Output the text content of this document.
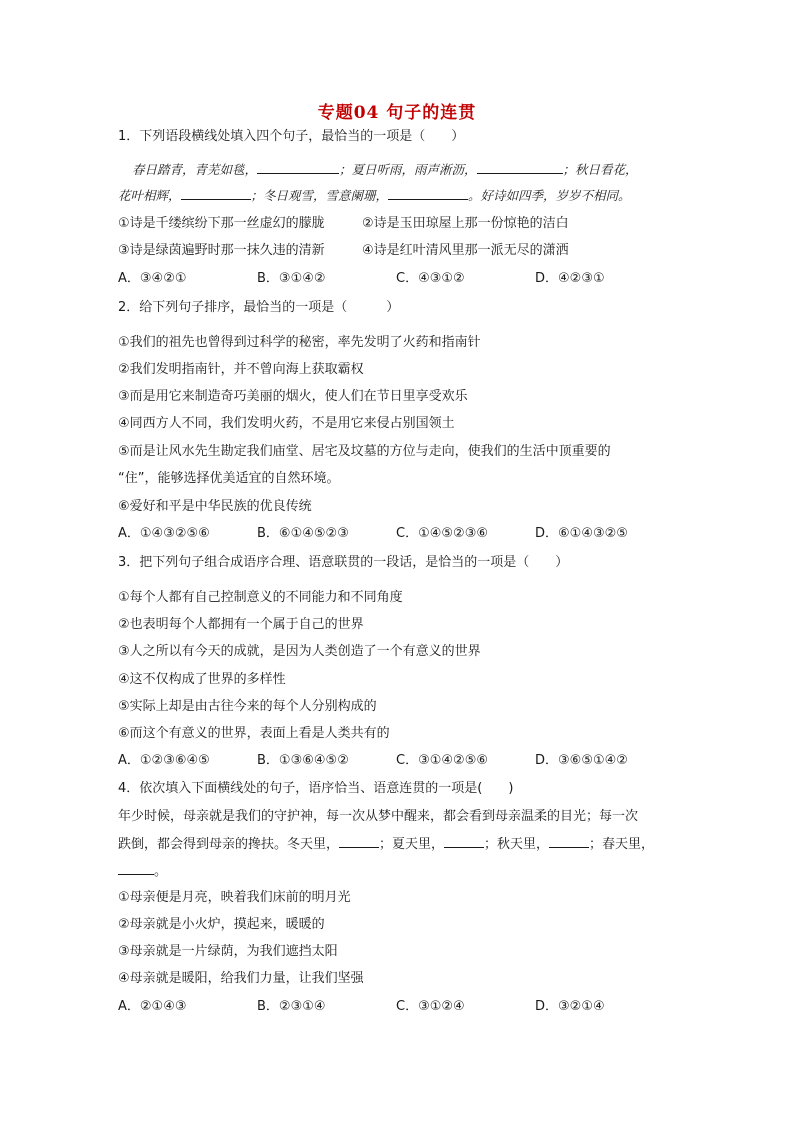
专题04 句子的连贯
1．下列语段横线处填入四个句子，最恰当的一项是（　　）
春日踏青，青芜如毯，	；夏日听雨，雨声淅沥，	；秋日看花，
花叶相辉，	；冬日观雪，雪意阑珊，	。好诗如四季，岁岁不相同。
①诗是千缕缤纷下那一丝虚幻的朦胧	②诗是玉田琼屋上那一份惊艳的洁白
③诗是绿茵遍野时那一抹久违的清新	④诗是红叶清风里那一派无尽的潇洒
A．③④②①	B．③①④②	C．④③①②	D．④②③①
2．给下列句子排序，最恰当的一项是（　　　）
①我们的祖先也曾得到过科学的秘密，率先发明了火药和指南针
②我们发明指南针，并不曾向海上获取霸权
③而是用它来制造奇巧美丽的烟火，使人们在节日里享受欢乐
④同西方人不同，我们发明火药，不是用它来侵占别国领土
⑤而是让风水先生勘定我们庙堂、居宅及坟墓的方位与走向，使我们的生活中顶重要的
“住”，能够选择优美适宜的自然环境。
⑥爱好和平是中华民族的优良传统
A．①④③②⑤⑥	B．⑥①④⑤②③	C．①④⑤②③⑥	D．⑥①④③②⑤
3．把下列句子组合成语序合理、语意联贯的一段话，是恰当的一项是（　　）
①每个人都有自己控制意义的不同能力和不同角度
②也表明每个人都拥有一个属于自己的世界
③人之所以有今天的成就，是因为人类创造了一个有意义的世界
④这不仅构成了世界的多样性
⑤实际上却是由古往今来的每个人分别构成的
⑥而这个有意义的世界，表面上看是人类共有的
A．①②③⑥④⑤	B．①③⑥④⑤②	C．③①④②⑤⑥	D．③⑥⑤①④②
4．依次填入下面横线处的句子，语序恰当、语意连贯的一项是(　　)
年少时候，母亲就是我们的守护神，每一次从梦中醒来，都会看到母亲温柔的目光；每一次
跌倒，都会得到母亲的搀扶。冬天里，	；夏天里，	；秋天里，	；春天里，
。
①母亲便是月亮，映着我们床前的明月光
②母亲就是小火炉，摸起来，暖暖的
③母亲就是一片绿荫，为我们遮挡太阳
④母亲就是暖阳，给我们力量，让我们坚强
A．②①④③	B．②③①④	C．③①②④	D．③②①④
